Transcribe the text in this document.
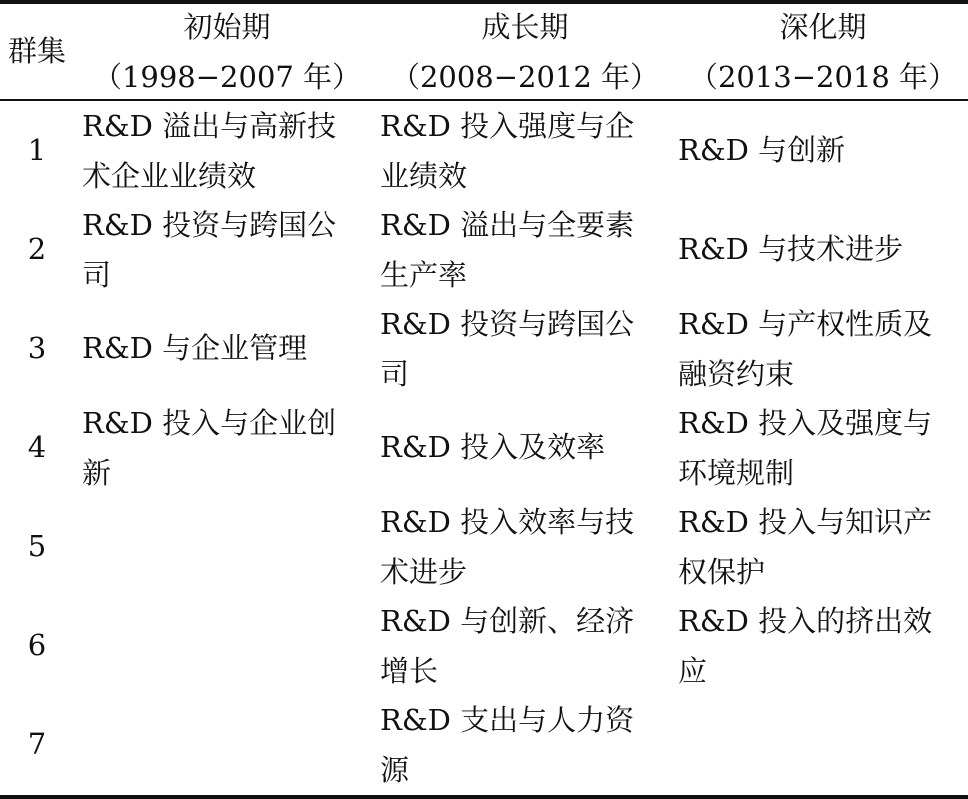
群集
初始期
（1998−2007 年）
成长期
（2008−2012 年）
深化期
（2013−2018 年）
1
R&D 溢出与高新技
术企业业绩效
R&D 投入强度与企
业绩效
R&D 与创新
2
R&D 投资与跨国公
司
R&D 溢出与全要素
生产率
R&D 与技术进步
3	R&D 与企业管理
R&D 投资与跨国公
司
R&D 与产权性质及
融资约束
4
R&D 投入与企业创
新
R&D 投入及效率
R&D 投入及强度与
环境规制
5
R&D 投入效率与技
术进步
R&D 投入与知识产
权保护
6
R&D 与创新、经济
增长
R&D 投入的挤出效
应
7
R&D 支出与人力资
源
